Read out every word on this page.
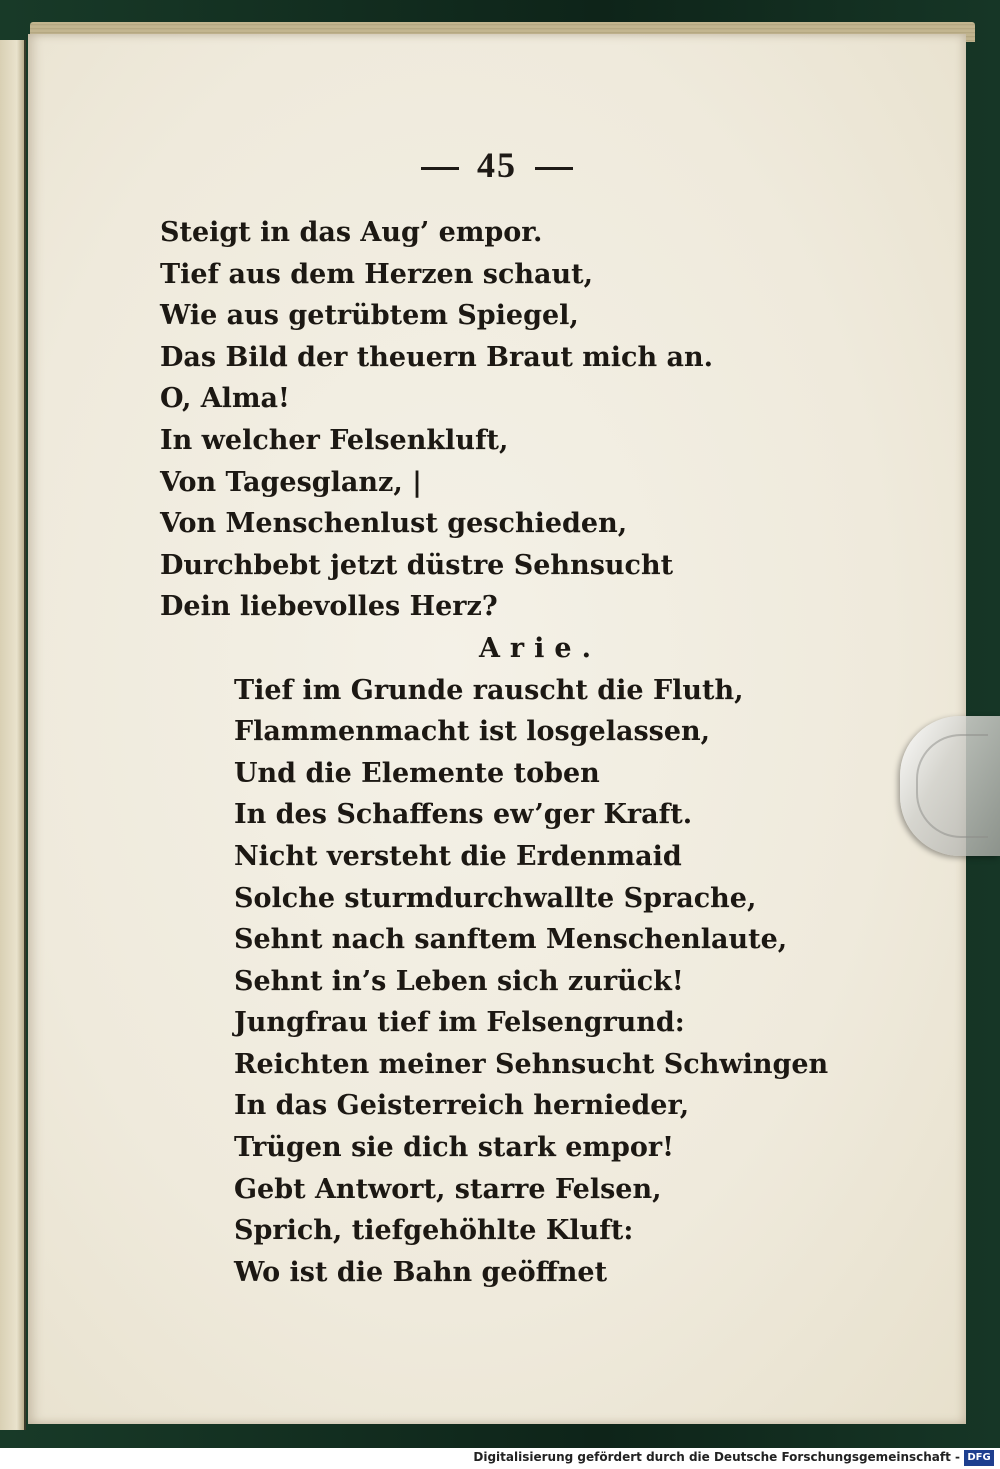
45
Steigt in das Aug’ empor.
Tief aus dem Herzen schaut,
Wie aus getrübtem Spiegel,
Das Bild der theuern Braut mich an.
O, Alma!
In welcher Felsenkluft,
Von Tagesglanz, |
Von Menschenlust geschieden,
Durchbebt jetzt düstre Sehnsucht
Dein liebevolles Herz?
Arie.
Tief im Grunde rauscht die Fluth,
Flammenmacht ist losgelassen,
Und die Elemente toben
In des Schaffens ew’ger Kraft.
Nicht versteht die Erdenmaid
Solche sturmdurchwallte Sprache,
Sehnt nach sanftem Menschenlaute,
Sehnt in’s Leben sich zurück!
Jungfrau tief im Felsengrund:
Reichten meiner Sehnsucht Schwingen
In das Geisterreich hernieder,
Trügen sie dich stark empor!
Gebt Antwort, starre Felsen,
Sprich, tiefgehöhlte Kluft:
Wo ist die Bahn geöffnet
Digitalisierung gefördert durch die Deutsche Forschungsgemeinschaft - DFG
